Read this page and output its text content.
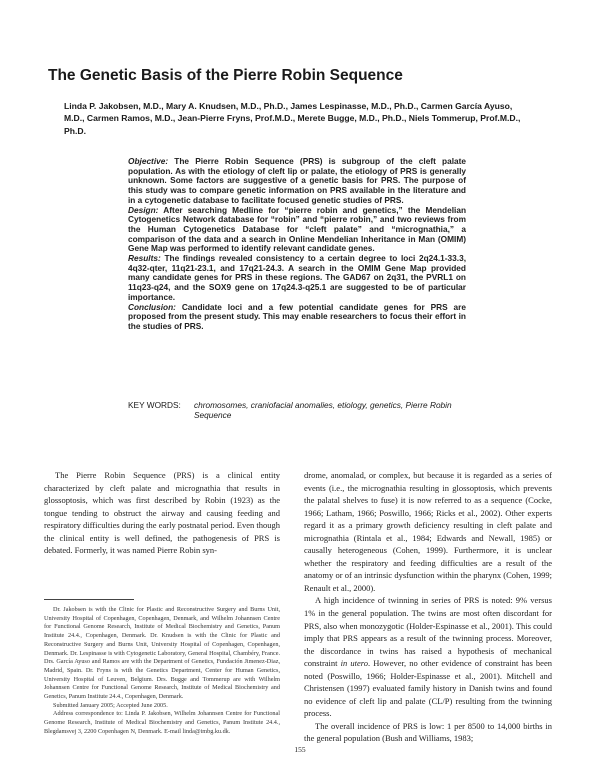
The Genetic Basis of the Pierre Robin Sequence
Linda P. Jakobsen, M.D., Mary A. Knudsen, M.D., Ph.D., James Lespinasse, M.D., Ph.D., Carmen García Ayuso, M.D., Carmen Ramos, M.D., Jean-Pierre Fryns, Prof.M.D., Merete Bugge, M.D., Ph.D., Niels Tommerup, Prof.M.D., Ph.D.

Objective: The Pierre Robin Sequence (PRS) is subgroup of the cleft palate population. As with the etiology of cleft lip or palate, the etiology of PRS is generally unknown. Some factors are suggestive of a genetic basis for PRS. The purpose of this study was to compare genetic information on PRS available in the literature and in a cytogenetic database to facilitate focused genetic studies of PRS.

Design: After searching Medline for “pierre robin and genetics,” the Mendelian Cytogenetics Network database for “robin” and “pierre robin,” and two reviews from the Human Cytogenetics Database for “cleft palate” and “micrognathia,” a comparison of the data and a search in Online Mendelian Inheritance in Man (OMIM) Gene Map was performed to identify relevant candidate genes.

Results: The findings revealed consistency to a certain degree to loci 2q24.1-33.3, 4q32-qter, 11q21-23.1, and 17q21-24.3. A search in the OMIM Gene Map provided many candidate genes for PRS in these regions. The GAD67 on 2q31, the PVRL1 on 11q23-q24, and the SOX9 gene on 17q24.3-q25.1 are suggested to be of particular importance.

Conclusion: Candidate loci and a few potential candidate genes for PRS are proposed from the present study. This may enable researchers to focus their effort in the studies of PRS.

KEY WORDS:	chromosomes, craniofacial anomalies, etiology, genetics, Pierre Robin Sequence

The Pierre Robin Sequence (PRS) is a clinical entity characterized by cleft palate and micrognathia that results in glossoptosis, which was first described by Robin (1923) as the tongue tending to obstruct the airway and causing feeding and respiratory difficulties during the early postnatal period. Even though the clinical entity is well defined, the pathogenesis of PRS is debated. Formerly, it was named Pierre Robin syn-

drome, anomalad, or complex, but because it is regarded as a series of events (i.e., the micrognathia resulting in glossoptosis, which prevents the palatal shelves to fuse) it is now referred to as a sequence (Cocke, 1966; Latham, 1966; Poswillo, 1966; Ricks et al., 2002). Other experts regard it as a primary growth deficiency resulting in cleft palate and micrognathia (Rintala et al., 1984; Edwards and Newall, 1985) or causally heterogeneous (Cohen, 1999). Furthermore, it is unclear whether the respiratory and feeding difficulties are a result of the anatomy or of an intrinsic dysfunction within the pharynx (Cohen, 1999; Renault et al., 2000).

A high incidence of twinning in series of PRS is noted: 9% versus 1% in the general population. The twins are most often discordant for PRS, also when monozygotic (Holder-Espinasse et al., 2001). This could imply that PRS appears as a result of the twinning process. Moreover, the discordance in twins has raised a hypothesis of mechanical constraint in utero. However, no other evidence of constraint has been noted (Poswillo, 1966; Holder-Espinasse et al., 2001). Mitchell and Christensen (1997) evaluated family history in Danish twins and found no evidence of cleft lip and palate (CL/P) resulting from the twinning process.

The overall incidence of PRS is low: 1 per 8500 to 14,000 births in the general population (Bush and Williams, 1983;

Dr. Jakobsen is with the Clinic for Plastic and Reconstructive Surgery and Burns Unit, University Hospital of Copenhagen, Copenhagen, Denmark, and Wilhelm Johannsen Centre for Functional Genome Research, Institute of Medical Biochemistry and Genetics, Panum Institute 24.4., Copenhagen, Denmark. Dr. Knudsen is with the Clinic for Plastic and Reconstructive Surgery and Burns Unit, University Hospital of Copenhagen, Copenhagen, Denmark. Dr. Lespinasse is with Cytogenetic Laboratory, General Hospital, Chambéry, France. Drs. García Ayuso and Ramos are with the Department of Genetics, Fundación Jimenez-Diaz, Madrid, Spain. Dr. Fryns is with the Genetics Department, Center for Human Genetics, University Hospital of Leuven, Belgium. Drs. Bugge and Tommerup are with Wilhelm Johannsen Centre for Functional Genome Research, Institute of Medical Biochemistry and Genetics, Panum Institute 24.4., Copenhagen, Denmark.

Submitted January 2005; Accepted June 2005.

Address correspondence to: Linda P. Jakobsen, Wilhelm Johannsen Centre for Functional Genome Research, Institute of Medical Biochemistry and Genetics, Panum Institute 24.4., Blegdamsvej 3, 2200 Copenhagen N, Denmark. E-mail linda@imbg.ku.dk.

155
